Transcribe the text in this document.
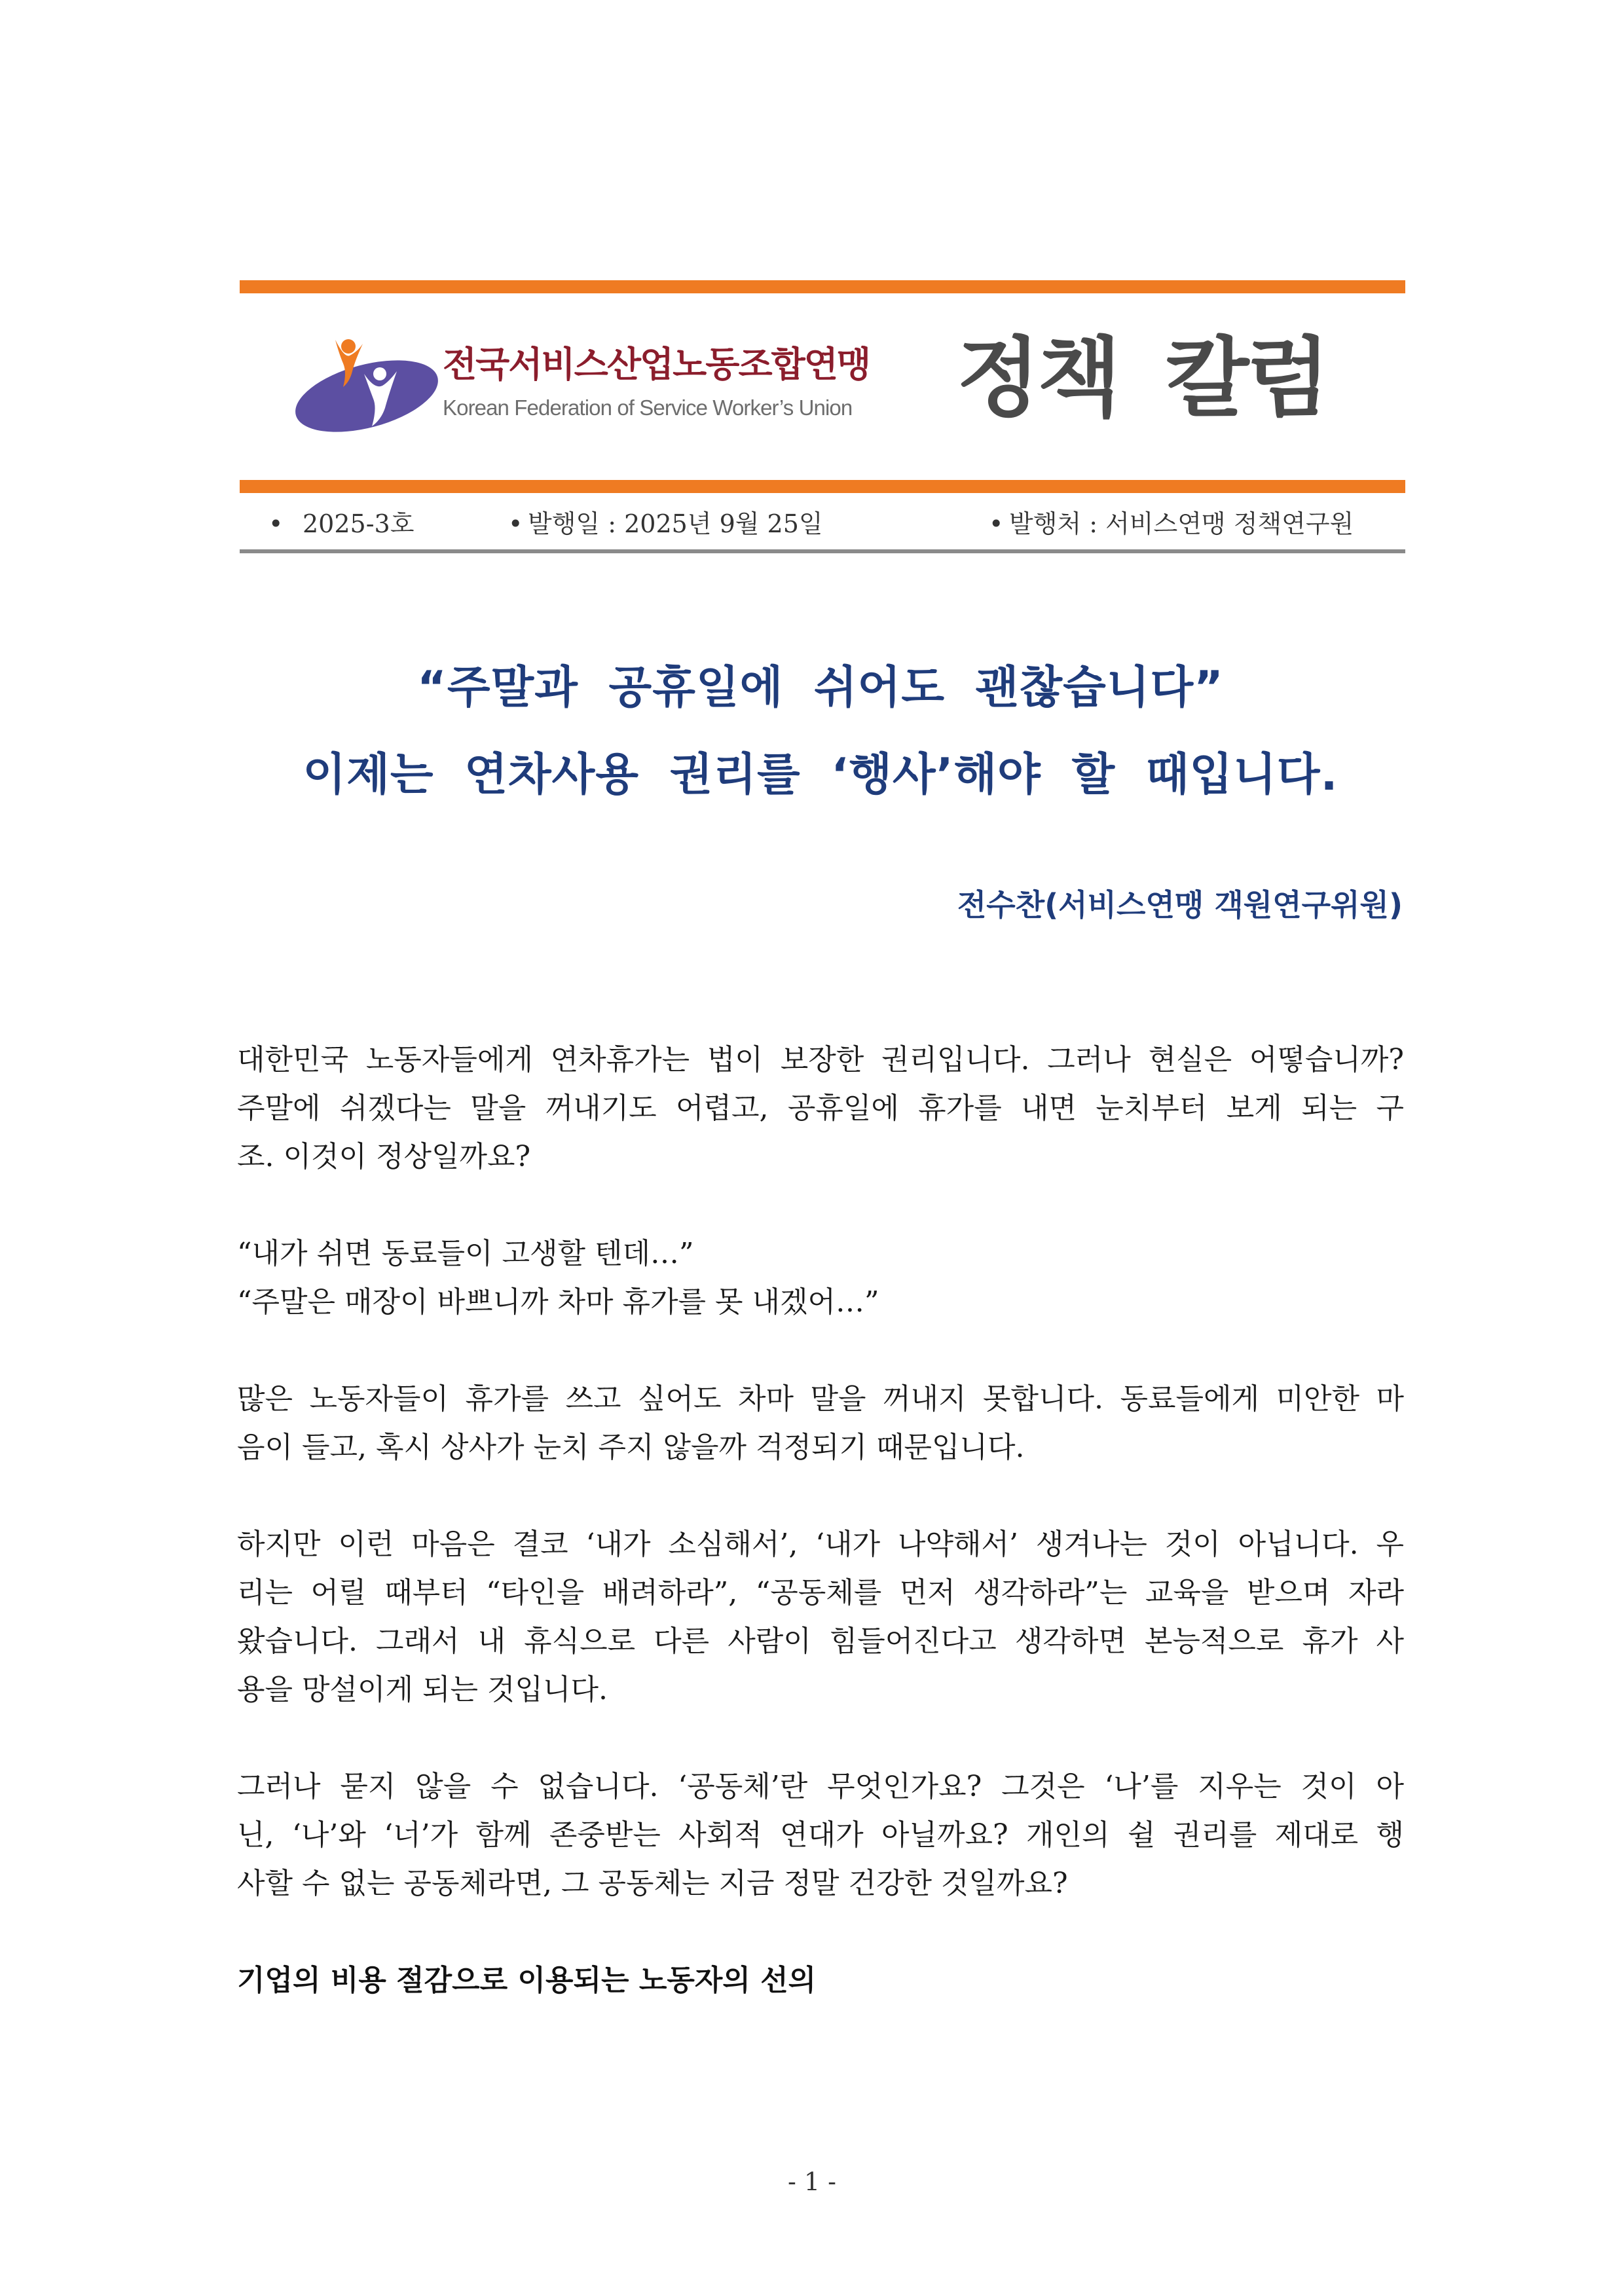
전국서비스산업노동조합연맹
Korean Federation of Service Worker’s Union	정책 칼럼
• 2025-3호	• 발행일 : 2025년 9월 25일	• 발행처 : 서비스연맹 정책연구원
“주말과 공휴일에 쉬어도 괜찮습니다”
이제는 연차사용 권리를 ‘행사’해야 할 때입니다.
전수찬(서비스연맹 객원연구위원)
대한민국 노동자들에게 연차휴가는 법이 보장한 권리입니다. 그러나 현실은 어떻습니까?
주말에 쉬겠다는 말을 꺼내기도 어렵고, 공휴일에 휴가를 내면 눈치부터 보게 되는 구
조. 이것이 정상일까요?
“내가 쉬면 동료들이 고생할 텐데…”
“주말은 매장이 바쁘니까 차마 휴가를 못 내겠어…”
많은 노동자들이 휴가를 쓰고 싶어도 차마 말을 꺼내지 못합니다. 동료들에게 미안한 마
음이 들고, 혹시 상사가 눈치 주지 않을까 걱정되기 때문입니다.
하지만 이런 마음은 결코 ‘내가 소심해서’, ‘내가 나약해서’ 생겨나는 것이 아닙니다. 우
리는 어릴 때부터 “타인을 배려하라”, “공동체를 먼저 생각하라”는 교육을 받으며 자라
왔습니다. 그래서 내 휴식으로 다른 사람이 힘들어진다고 생각하면 본능적으로 휴가 사
용을 망설이게 되는 것입니다.
그러나 묻지 않을 수 없습니다. ‘공동체’란 무엇인가요? 그것은 ‘나’를 지우는 것이 아
닌, ‘나’와 ‘너’가 함께 존중받는 사회적 연대가 아닐까요? 개인의 쉴 권리를 제대로 행
사할 수 없는 공동체라면, 그 공동체는 지금 정말 건강한 것일까요?
기업의 비용 절감으로 이용되는 노동자의 선의
- 1 -
